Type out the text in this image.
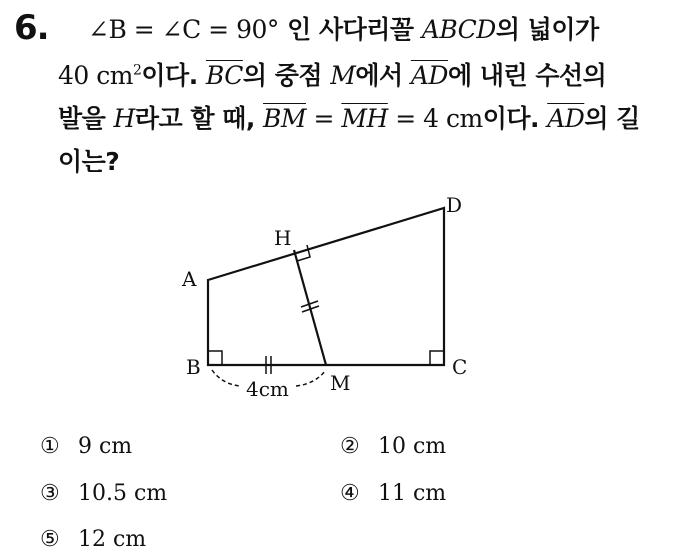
6. ∠B = ∠C = 90° 인 사다리꼴 ABCD의 넓이가
40 $cm^2$이다. $\overline{BC}$의 중점 M에서 $\overline{AD}$에 내린 수선의
발을 H라고 할 때, $\overline{BM} = \overline{MH} = 4$ cm이다. $\overline{AD}$의 길
이는?
A
B	C
D
H
M
4cm
① 9 cm	② 10 cm
③ 10.5 cm	④ 11 cm
⑤ 12 cm
